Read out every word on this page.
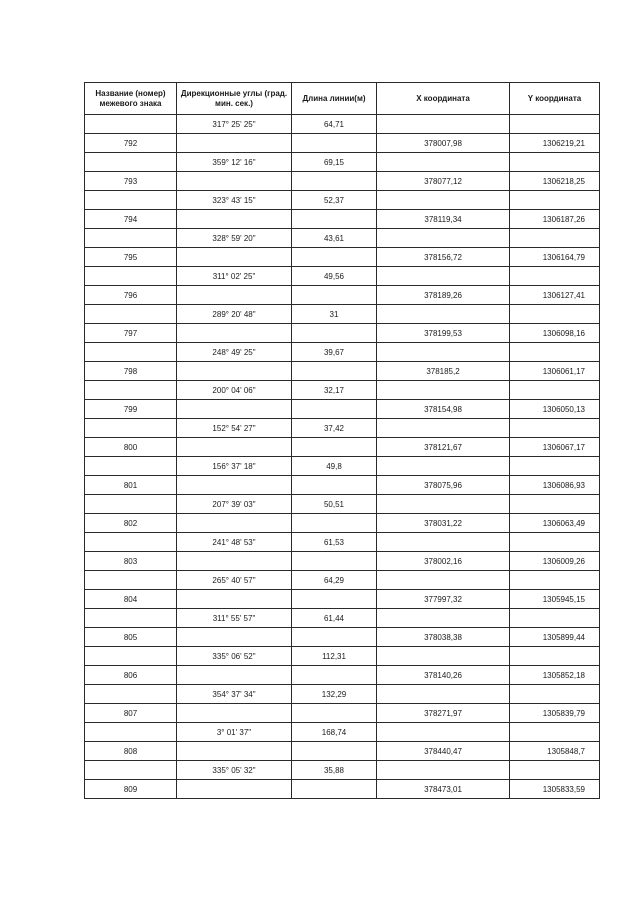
Название (номер) межевого знака	Дирекционные углы (град. мин. сек.)	Длина линии(м)	X координата	Y координата
	317° 25' 25"	64,71		
792			378007,98	1306219,21
	359° 12' 16"	69,15		
793			378077,12	1306218,25
	323° 43' 15"	52,37		
794			378119,34	1306187,26
	328° 59' 20"	43,61		
795			378156,72	1306164,79
	311° 02' 25"	49,56		
796			378189,26	1306127,41
	289° 20' 48"	31		
797			378199,53	1306098,16
	248° 49' 25"	39,67		
798			378185,2	1306061,17
	200° 04' 06"	32,17		
799			378154,98	1306050,13
	152° 54' 27"	37,42		
800			378121,67	1306067,17
	156° 37' 18"	49,8		
801			378075,96	1306086,93
	207° 39' 03"	50,51		
802			378031,22	1306063,49
	241° 48' 53"	61,53		
803			378002,16	1306009,26
	265° 40' 57"	64,29		
804			377997,32	1305945,15
	311° 55' 57"	61,44		
805			378038,38	1305899,44
	335° 06' 52"	112,31		
806			378140,26	1305852,18
	354° 37' 34"	132,29		
807			378271,97	1305839,79
	3° 01' 37"	168,74		
808			378440,47	1305848,7
	335° 05' 32"	35,88		
809			378473,01	1305833,59
